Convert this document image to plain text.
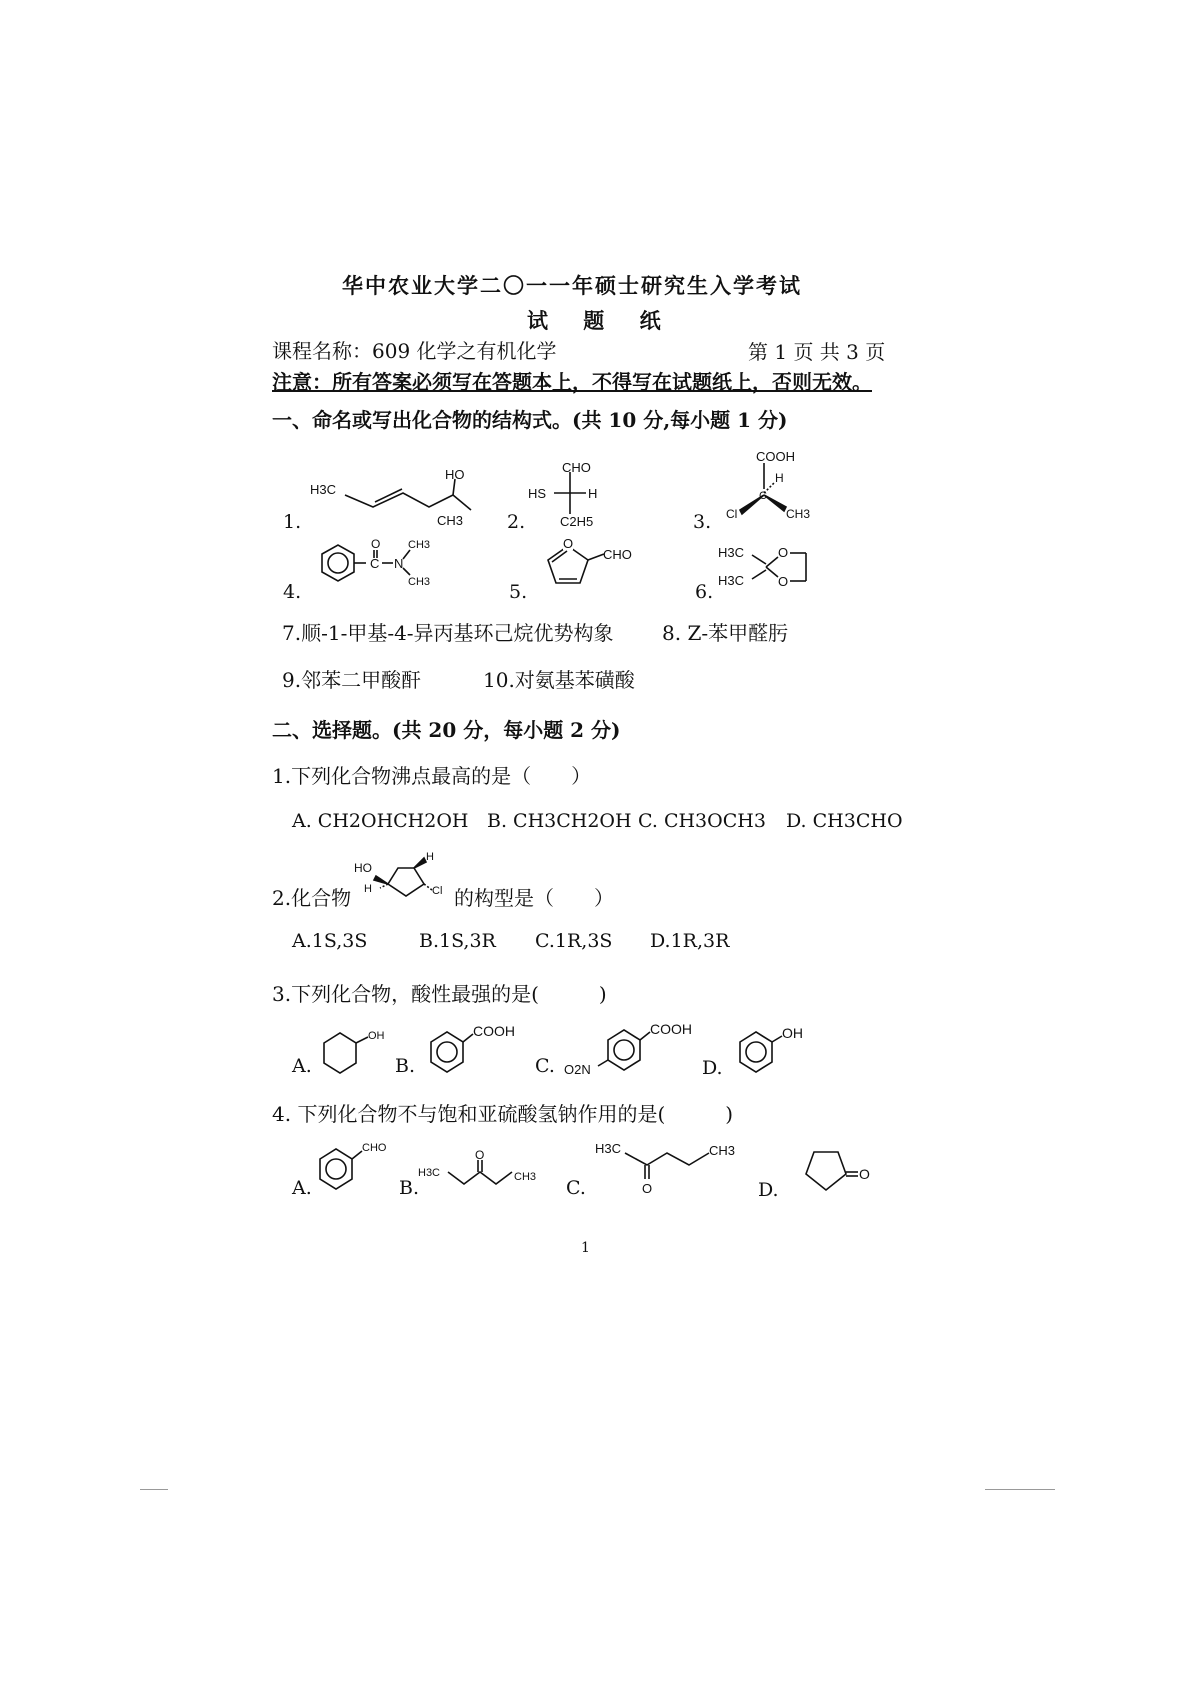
华中农业大学二〇一一年硕士研究生入学考试
试 题 纸
课程名称：609 化学之有机化学	第 1 页 共 3 页
注意：所有答案必须写在答题本上，不得写在试题纸上，否则无效。
一、命名或写出化合物的结构式。(共 10 分,每小题 1 分)
1.
H3C
HO
CH3 2.
CHO
HS	H
C2H5	3.
COOH
H
C
Cl	CH3
4.
O
C N
CH3
CH3	5.
O
CHO
6.
H3C
H3C
O
O
7.顺-1-甲基-4-异丙基环己烷优势构象 8. Z-苯甲醛肟
9.邻苯二甲酸酐	10.对氨基苯磺酸
二、选择题。(共 20 分，每小题 2 分)
1.下列化合物沸点最高的是（　　）
A. CH2OHCH2OH B. CH3CH2OH C. CH3OCH3 D. CH3CHO
2.化合物
HO
H
H
Cl 的构型是（　　）
A.1S,3S	B.1S,3R C.1R,3S D.1R,3R
3.下列化合物，酸性最强的是(　　　)
A.
OH
B.
COOH
C.
COOH
O2N	D.
OH
4. 下列化合物不与饱和亚硫酸氢钠作用的是(　　　)
A.
CHO
B.
H3C
O
CH3 C.
H3C
O
CH3
D.
O
1
